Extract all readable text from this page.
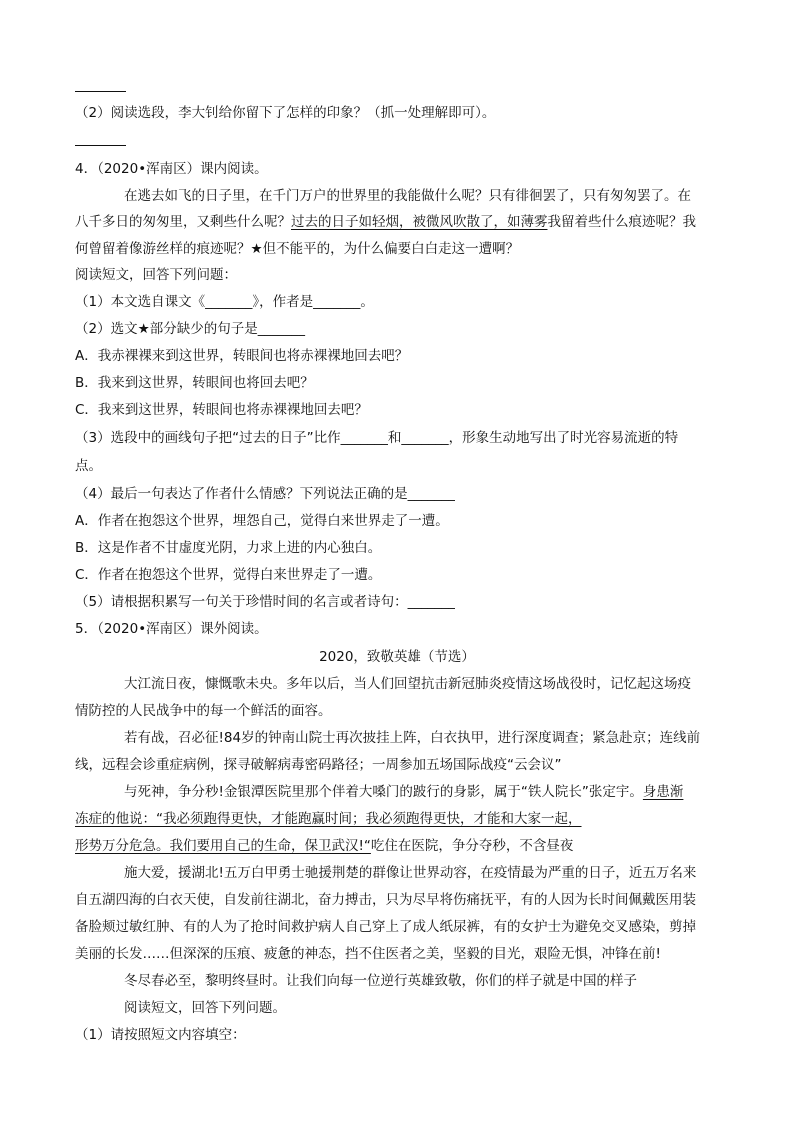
（2）阅读选段，李大钊给你留下了怎样的印象？（抓一处理解即可）。
4．（2020•浑南区）课内阅读。
在逃去如飞的日子里，在千门万户的世界里的我能做什么呢？只有徘徊罢了，只有匆匆罢了。在
八千多日的匆匆里，又剩些什么呢？过去的日子如轻烟，被微风吹散了，如薄雾我留着些什么痕迹呢？我
何曾留着像游丝样的痕迹呢？★但不能平的，为什么偏要白白走这一遭啊？
阅读短文，回答下列问题：
（1）本文选自课文《_______》，作者是_______。
（2）选文★部分缺少的句子是_______
A．我赤裸裸来到这世界，转眼间也将赤裸裸地回去吧？
B．我来到这世界，转眼间也将回去吧？
C．我来到这世界，转眼间也将赤裸裸地回去吧？
（3）选段中的画线句子把“过去的日子”比作_______和_______，形象生动地写出了时光容易流逝的特
点。
（4）最后一句表达了作者什么情感？下列说法正确的是_______
A．作者在抱怨这个世界，埋怨自己，觉得白来世界走了一遭。
B．这是作者不甘虚度光阴，力求上进的内心独白。
C．作者在抱怨这个世界，觉得白来世界走了一遭。
（5）请根据积累写一句关于珍惜时间的名言或者诗句：_______
5．（2020•浑南区）课外阅读。
2020，致敬英雄（节选）
大江流日夜，慷慨歌未央。多年以后，当人们回望抗击新冠肺炎疫情这场战役时，记忆起这场疫
情防控的人民战争中的每一个鲜活的面容。
若有战，召必征!84岁的钟南山院士再次披挂上阵，白衣执甲，进行深度调查；紧急赴京；连线前
线，远程会诊重症病例，探寻破解病毒密码路径；一周参加五场国际战疫“云会议”
与死神，争分秒!金银潭医院里那个伴着大嗓门的跛行的身影，属于“铁人院长”张定宇。身患渐
冻症的他说：“我必须跑得更快，才能跑赢时间；我必须跑得更快，才能和大家一起，
形势万分危急。我们要用自己的生命，保卫武汉!“吃住在医院，争分夺秒，不含昼夜
施大爱，援湖北!五万白甲勇士驰援荆楚的群像让世界动容，在疫情最为严重的日子，近五万名来
自五湖四海的白衣天使，自发前往湖北，奋力搏击，只为尽早将伤痛抚平，有的人因为长时间佩戴医用装
备脸颊过敏红肿、有的人为了抢时间救护病人自己穿上了成人纸尿裤，有的女护士为避免交叉感染，剪掉
美丽的长发……但深深的压痕、疲惫的神态，挡不住医者之美，坚毅的目光，艰险无惧，冲锋在前!
冬尽春必至，黎明终昼时。让我们向每一位逆行英雄致敬，你们的样子就是中国的样子
阅读短文，回答下列问题。
（1）请按照短文内容填空：
